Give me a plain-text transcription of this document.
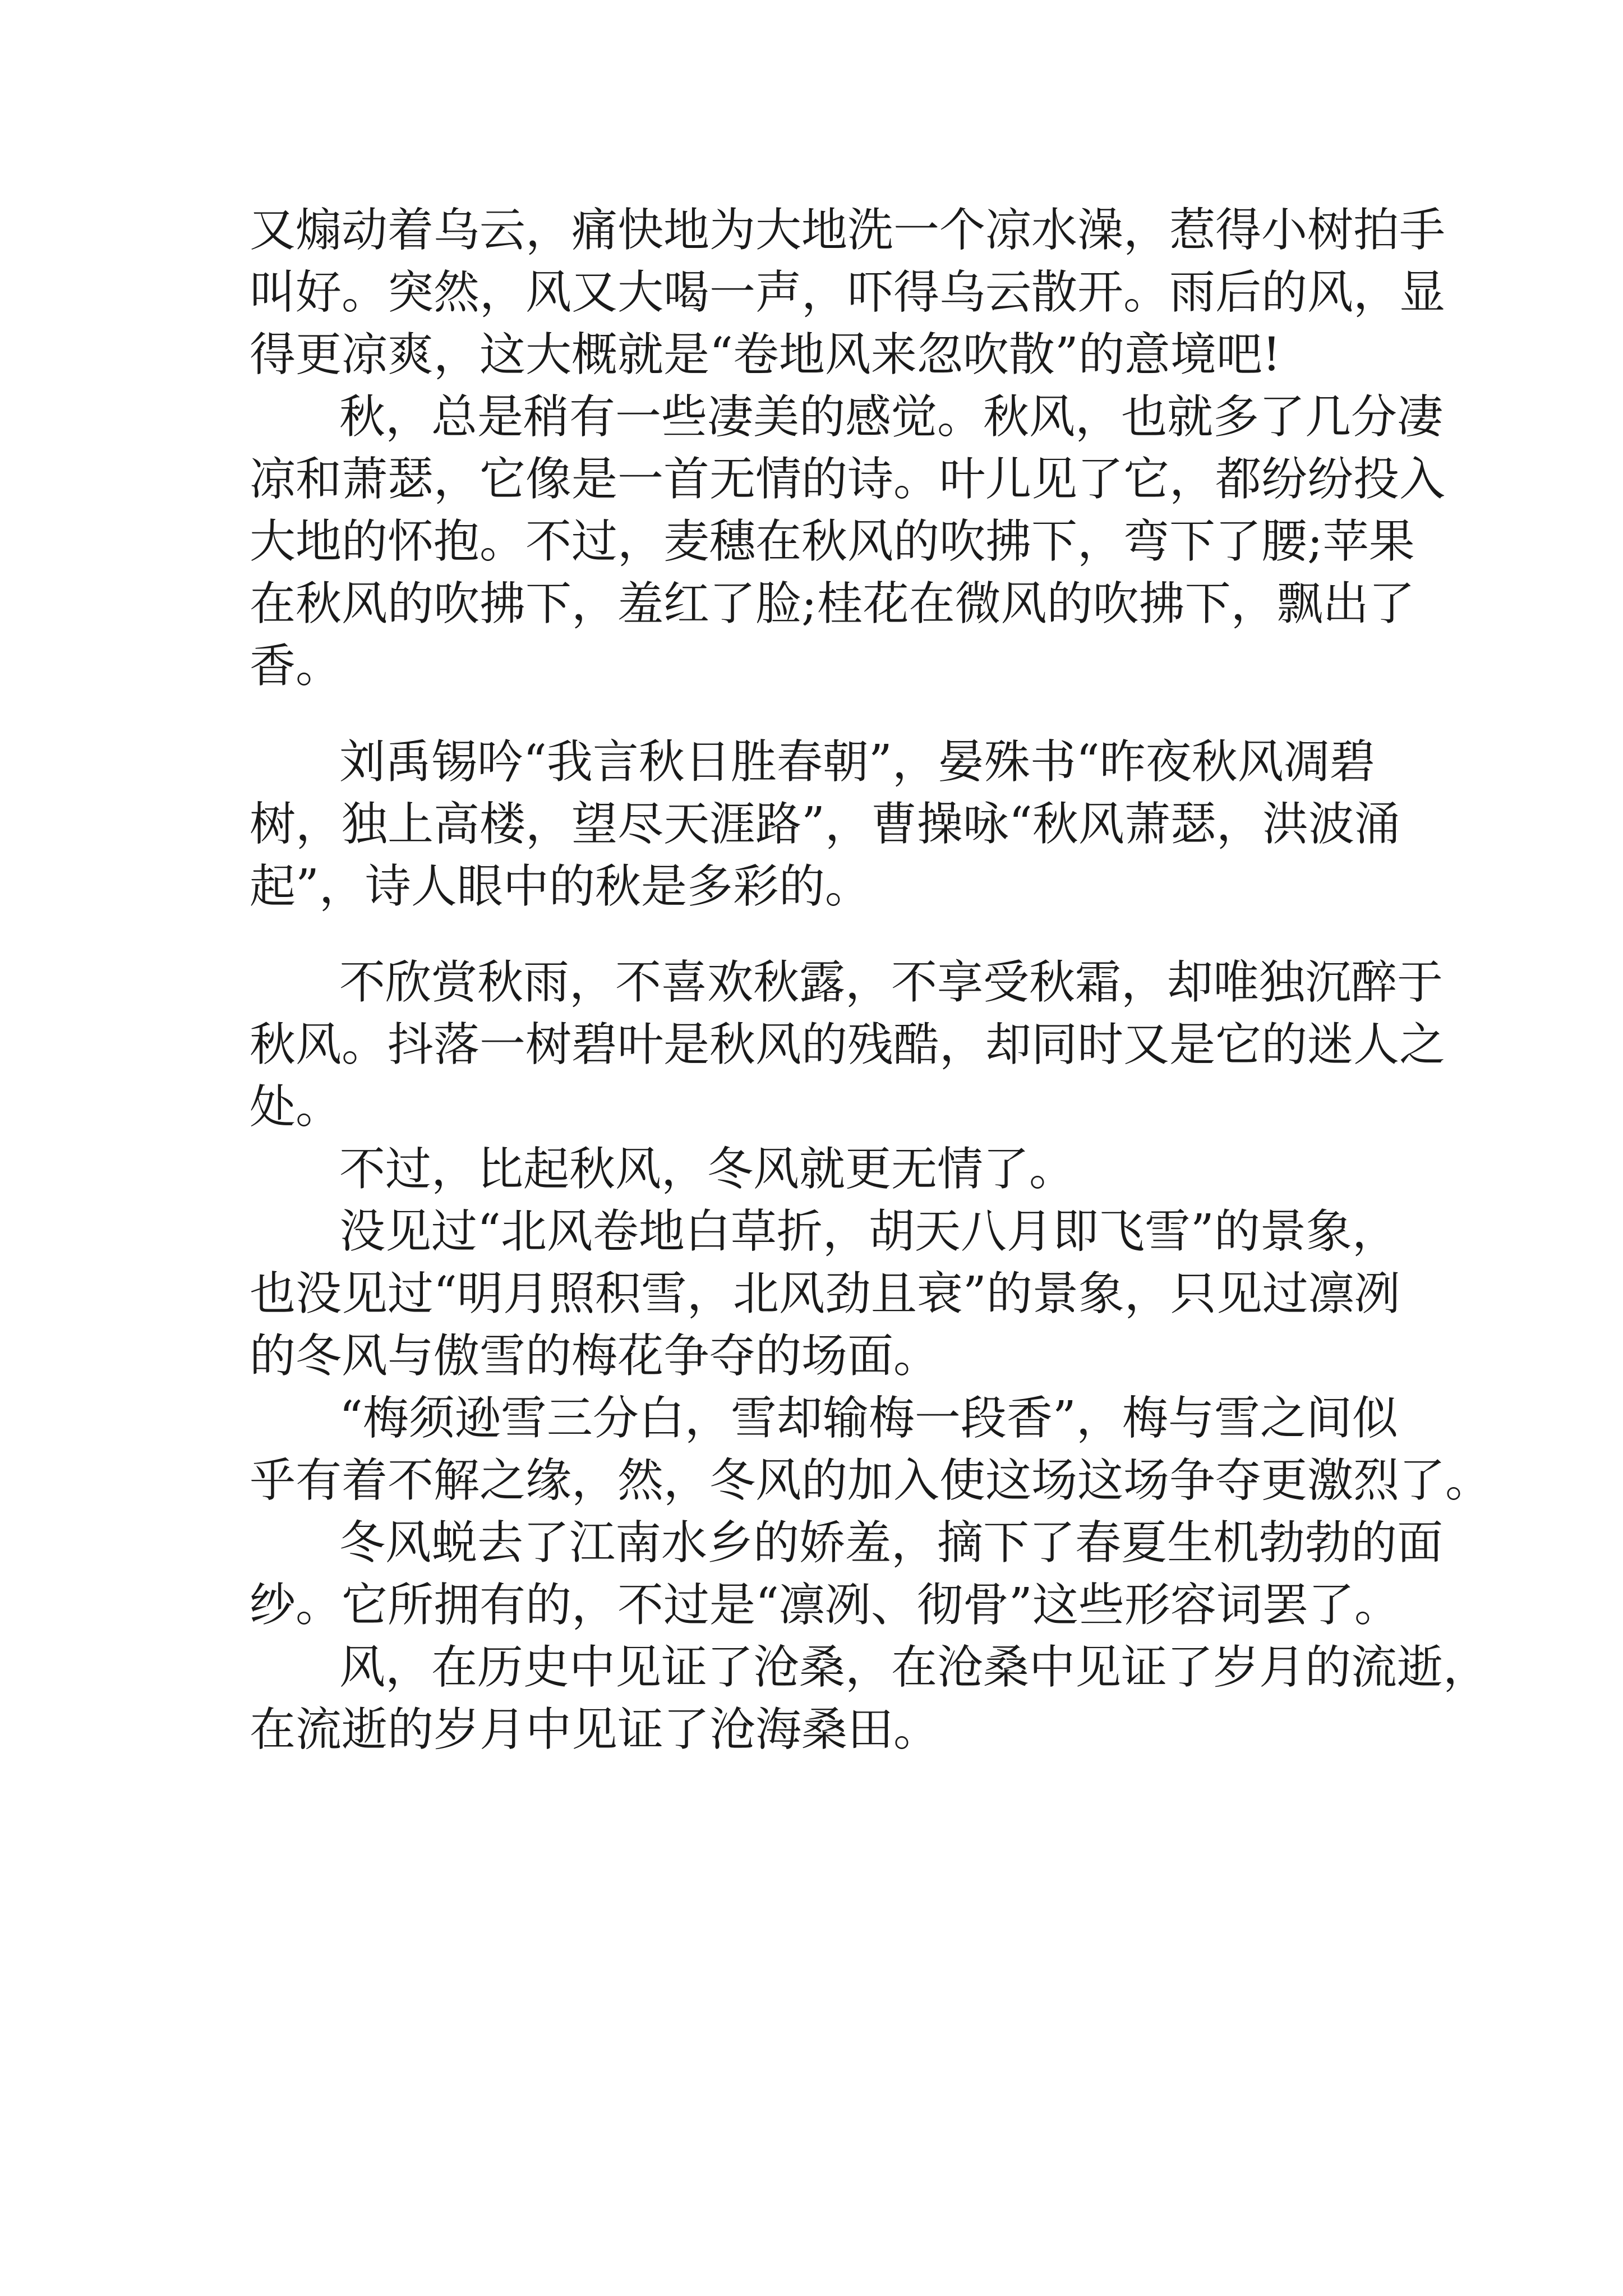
又煽动着乌云，痛快地为大地洗一个凉水澡，惹得小树拍手
叫好。突然，风又大喝一声，吓得乌云散开。雨后的风，显
得更凉爽，这大概就是“卷地风来忽吹散”的意境吧!
秋，总是稍有一些凄美的感觉。秋风，也就多了几分凄
凉和萧瑟，它像是一首无情的诗。叶儿见了它，都纷纷投入
大地的怀抱。不过，麦穗在秋风的吹拂下，弯下了腰;苹果
在秋风的吹拂下，羞红了脸;桂花在微风的吹拂下，飘出了
香。
刘禹锡吟“我言秋日胜春朝”，晏殊书“昨夜秋风凋碧
树，独上高楼，望尽天涯路”，曹操咏“秋风萧瑟，洪波涌
起”，诗人眼中的秋是多彩的。
不欣赏秋雨，不喜欢秋露，不享受秋霜，却唯独沉醉于
秋风。抖落一树碧叶是秋风的残酷，却同时又是它的迷人之
处。
不过，比起秋风，冬风就更无情了。
没见过“北风卷地白草折，胡天八月即飞雪”的景象，
也没见过“明月照积雪，北风劲且衰”的景象，只见过凛冽
的冬风与傲雪的梅花争夺的场面。
“梅须逊雪三分白，雪却输梅一段香”，梅与雪之间似
乎有着不解之缘，然，冬风的加入使这场这场争夺更激烈了。
冬风蜕去了江南水乡的娇羞，摘下了春夏生机勃勃的面
纱。它所拥有的，不过是“凛冽、彻骨”这些形容词罢了。
风，在历史中见证了沧桑，在沧桑中见证了岁月的流逝，
在流逝的岁月中见证了沧海桑田。
